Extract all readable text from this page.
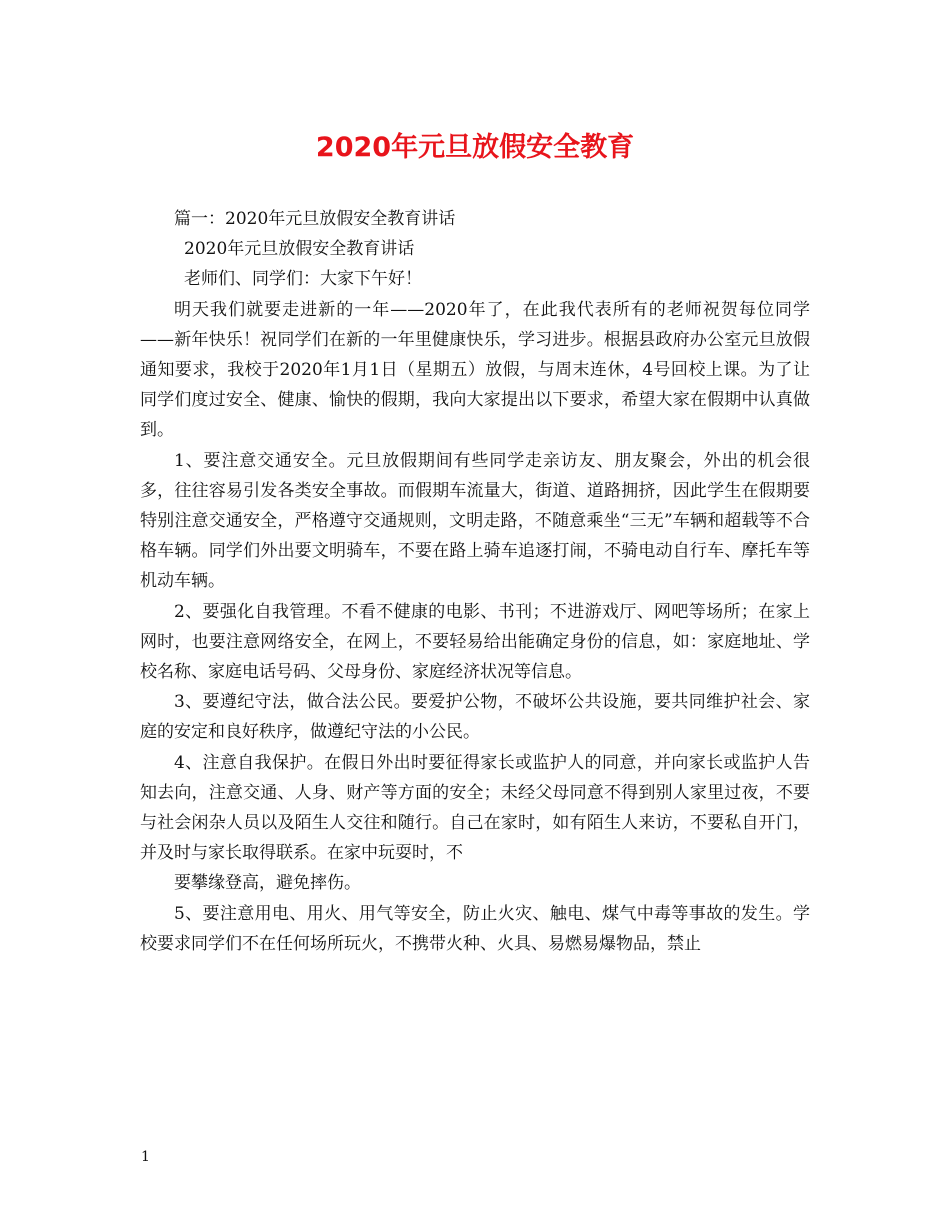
2020年元旦放假安全教育

篇一：2020年元旦放假安全教育讲话

2020年元旦放假安全教育讲话

老师们、同学们：大家下午好！

明天我们就要走进新的一年——2020年了，在此我代表所有的老师祝贺每位同学——新年快乐！祝同学们在新的一年里健康快乐，学习进步。根据县政府办公室元旦放假通知要求，我校于2020年1月1日（星期五）放假，与周末连休，4号回校上课。为了让同学们度过安全、健康、愉快的假期，我向大家提出以下要求，希望大家在假期中认真做到。

1、要注意交通安全。元旦放假期间有些同学走亲访友、朋友聚会，外出的机会很多，往往容易引发各类安全事故。而假期车流量大，街道、道路拥挤，因此学生在假期要特别注意交通安全，严格遵守交通规则，文明走路，不随意乘坐“三无”车辆和超载等不合格车辆。同学们外出要文明骑车，不要在路上骑车追逐打闹，不骑电动自行车、摩托车等机动车辆。

2、要强化自我管理。不看不健康的电影、书刊；不进游戏厅、网吧等场所；在家上网时，也要注意网络安全，在网上，不要轻易给出能确定身份的信息，如：家庭地址、学校名称、家庭电话号码、父母身份、家庭经济状况等信息。

3、要遵纪守法，做合法公民。要爱护公物，不破坏公共设施，要共同维护社会、家庭的安定和良好秩序，做遵纪守法的小公民。

4、注意自我保护。在假日外出时要征得家长或监护人的同意，并向家长或监护人告知去向，注意交通、人身、财产等方面的安全；未经父母同意不得到别人家里过夜，不要与社会闲杂人员以及陌生人交往和随行。自己在家时，如有陌生人来访，不要私自开门，并及时与家长取得联系。在家中玩耍时，不

要攀缘登高，避免摔伤。

5、要注意用电、用火、用气等安全，防止火灾、触电、煤气中毒等事故的发生。学校要求同学们不在任何场所玩火，不携带火种、火具、易燃易爆物品，禁止

1
